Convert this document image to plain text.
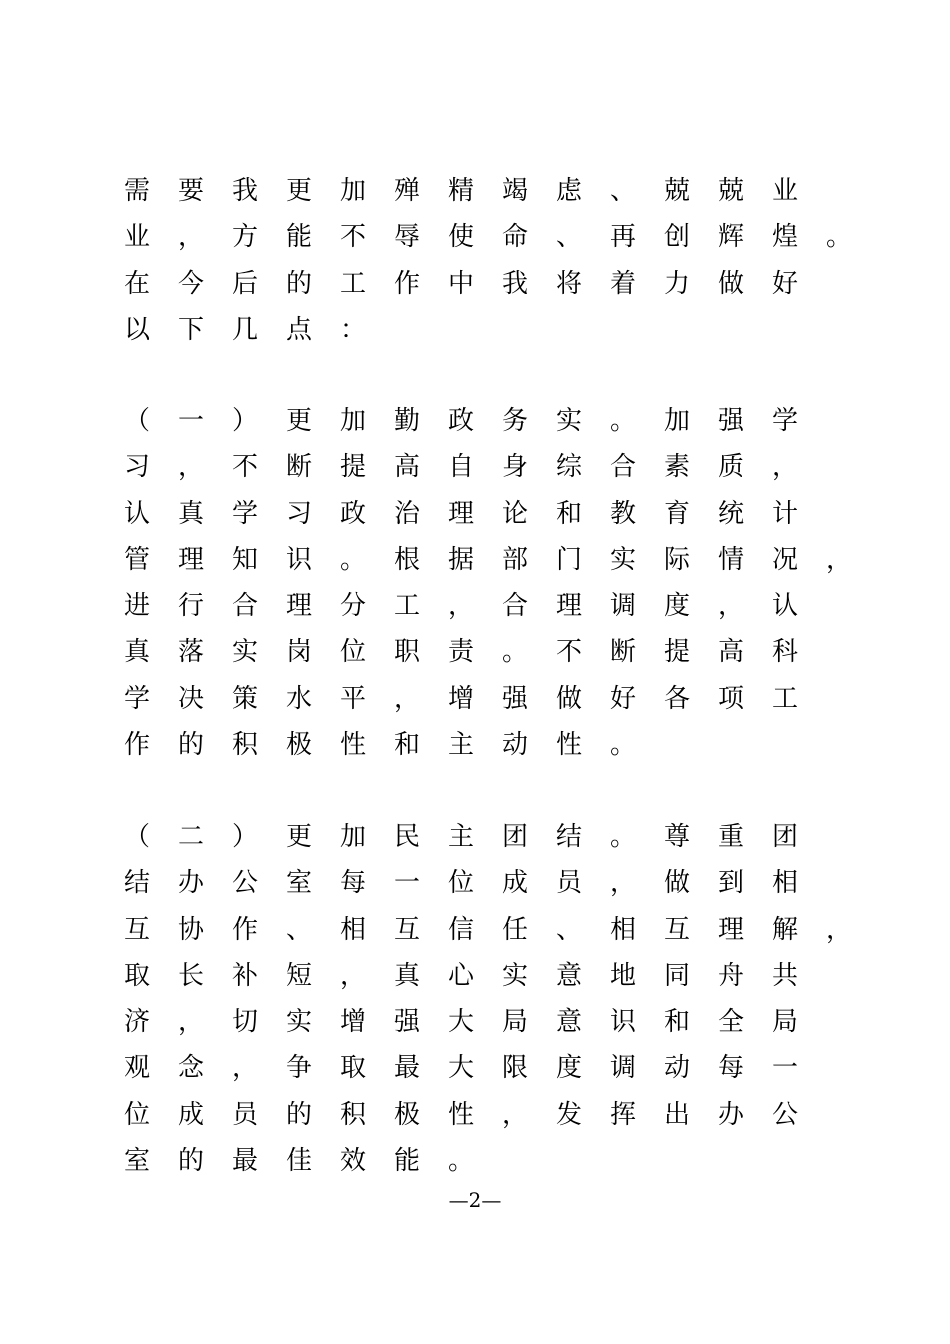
需 要 我 更 加 殚 精 竭 虑 、 兢 兢 业
业 ， 方 能 不 辱 使 命 、 再 创 辉 煌 。
在 今 后 的 工 作 中 我 将 着 力 做 好
以 下 几 点 ：
（ 一 ） 更 加 勤 政 务 实 。 加 强 学
习 ， 不 断 提 高 自 身 综 合 素 质 ，
认 真 学 习 政 治 理 论 和 教 育 统 计
管 理 知 识 。 根 据 部 门 实 际 情 况 ，
进 行 合 理 分 工 ， 合 理 调 度 ， 认
真 落 实 岗 位 职 责 。 不 断 提 高 科
学 决 策 水 平 ， 增 强 做 好 各 项 工
作 的 积 极 性 和 主 动 性 。
（ 二 ） 更 加 民 主 团 结 。 尊 重 团
结 办 公 室 每 一 位 成 员 ， 做 到 相
互 协 作 、 相 互 信 任 、 相 互 理 解 ，
取 长 补 短 ， 真 心 实 意 地 同 舟 共
济 ， 切 实 增 强 大 局 意 识 和 全 局
观 念 ， 争 取 最 大 限 度 调 动 每 一
位 成 员 的 积 极 性 ， 发 挥 出 办 公
室 的 最 佳 效 能 。
—2—
